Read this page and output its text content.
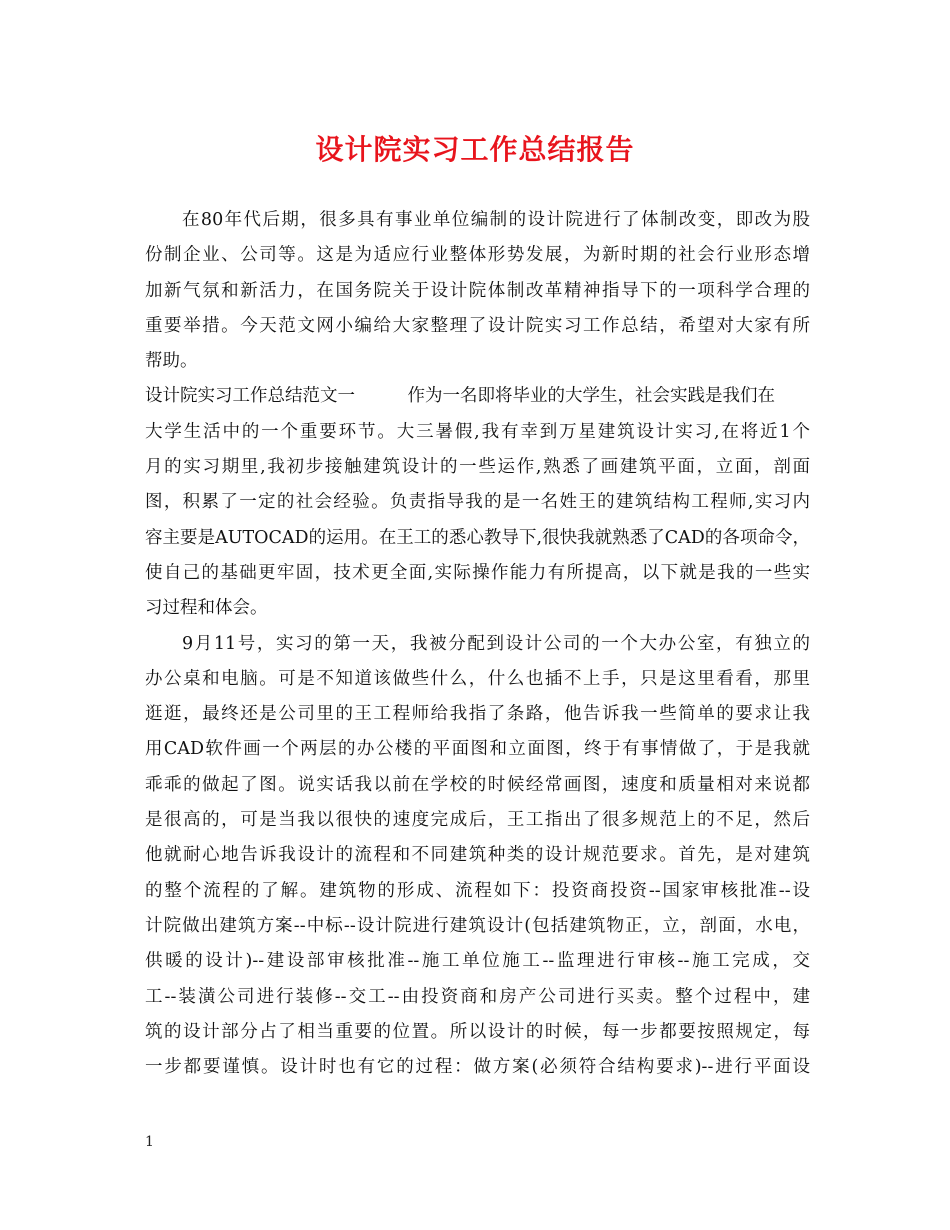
设计院实习工作总结报告
在80年代后期，很多具有事业单位编制的设计院进行了体制改变，即改为股
份制企业、公司等。这是为适应行业整体形势发展，为新时期的社会行业形态增
加新气氛和新活力，在国务院关于设计院体制改革精神指导下的一项科学合理的
重要举措。今天范文网小编给大家整理了设计院实习工作总结，希望对大家有所
帮助。
设计院实习工作总结范文一　　　作为一名即将毕业的大学生，社会实践是我们在
大学生活中的一个重要环节。大三暑假,我有幸到万星建筑设计实习,在将近1个
月的实习期里,我初步接触建筑设计的一些运作,熟悉了画建筑平面，立面，剖面
图，积累了一定的社会经验。负责指导我的是一名姓王的建筑结构工程师,实习内
容主要是AUTOCAD的运用。在王工的悉心教导下,很快我就熟悉了CAD的各项命令，
使自己的基础更牢固，技术更全面,实际操作能力有所提高，以下就是我的一些实
习过程和体会。
9月11号，实习的第一天，我被分配到设计公司的一个大办公室，有独立的
办公桌和电脑。可是不知道该做些什么，什么也插不上手，只是这里看看，那里
逛逛，最终还是公司里的王工程师给我指了条路，他告诉我一些简单的要求让我
用CAD软件画一个两层的办公楼的平面图和立面图，终于有事情做了，于是我就
乖乖的做起了图。说实话我以前在学校的时候经常画图，速度和质量相对来说都
是很高的，可是当我以很快的速度完成后，王工指出了很多规范上的不足，然后
他就耐心地告诉我设计的流程和不同建筑种类的设计规范要求。首先，是对建筑
的整个流程的了解。建筑物的形成、流程如下：投资商投资--国家审核批准--设
计院做出建筑方案--中标--设计院进行建筑设计(包括建筑物正，立，剖面，水电，
供暖的设计)--建设部审核批准--施工单位施工--监理进行审核--施工完成，交
工--装潢公司进行装修--交工--由投资商和房产公司进行买卖。整个过程中，建
筑的设计部分占了相当重要的位置。所以设计的时候，每一步都要按照规定，每
一步都要谨慎。设计时也有它的过程：做方案(必须符合结构要求)--进行平面设
1
